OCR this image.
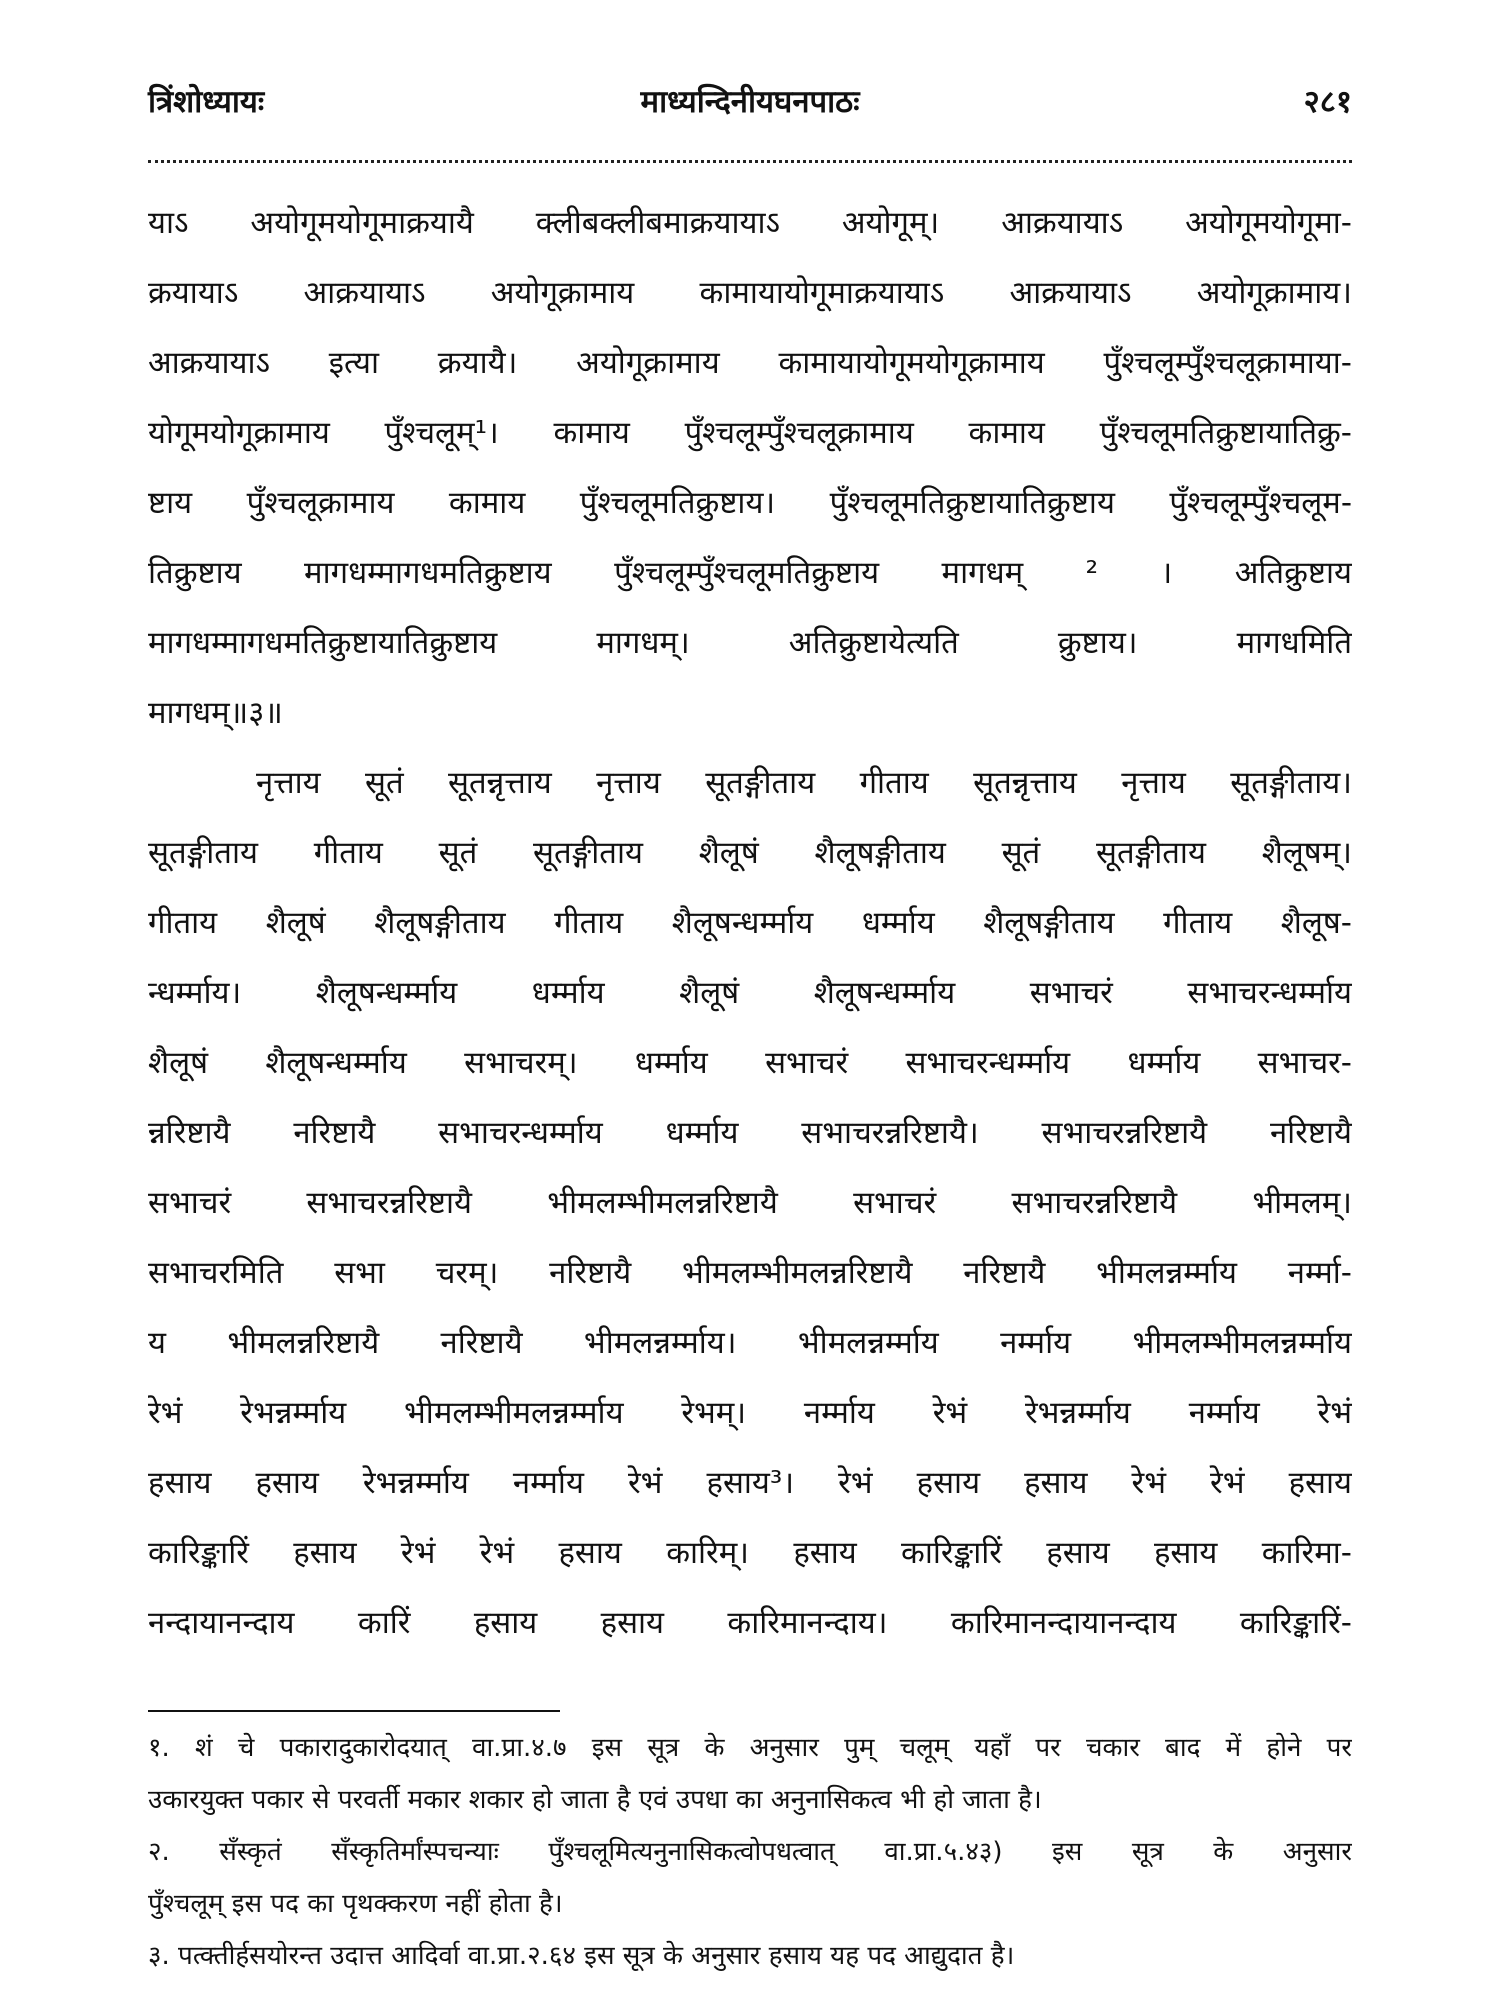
त्रिंशोध्यायः	माध्यन्दिनीयघनपाठः	२८१
याऽ अयोगूमयोगूमाक्रयायै क्लीबक्लीबमाक्रयायाऽ अयोगूम्। आक्रयायाऽ अयोगूमयोगूमा-
क्रयायाऽ आक्रयायाऽ अयोगूक्रामाय कामायायोगूमाक्रयायाऽ आक्रयायाऽ अयोगूक्रामाय।
आक्रयायाऽ इत्या क्रयायै। अयोगूक्रामाय कामायायोगूमयोगूक्रामाय पुँश्चलूम्पुँश्चलूक्रामाया-
योगूमयोगूक्रामाय पुँश्चलूम्¹। कामाय पुँश्चलूम्पुँश्चलूक्रामाय कामाय पुँश्चलूमतिक्रुष्टायातिक्रु-
ष्टाय पुँश्चलूक्रामाय कामाय पुँश्चलूमतिक्रुष्टाय। पुँश्चलूमतिक्रुष्टायातिक्रुष्टाय पुँश्चलूम्पुँश्चलूम-
तिक्रुष्टाय मागधम्मागधमतिक्रुष्टाय पुँश्चलूम्पुँश्चलूमतिक्रुष्टाय मागधम् ² । अतिक्रुष्टाय
मागधम्मागधमतिक्रुष्टायातिक्रुष्टाय मागधम्। अतिक्रुष्टायेत्यति क्रुष्टाय। मागधमिति
मागधम्॥३॥
नृत्ताय सूतं सूतन्नृत्ताय नृत्ताय सूतङ्गीताय गीताय सूतन्नृत्ताय नृत्ताय सूतङ्गीताय।
सूतङ्गीताय गीताय सूतं सूतङ्गीताय शैलूषं शैलूषङ्गीताय सूतं सूतङ्गीताय शैलूषम्।
गीताय शैलूषं शैलूषङ्गीताय गीताय शैलूषन्धर्म्माय धर्म्माय शैलूषङ्गीताय गीताय शैलूष-
न्धर्म्माय। शैलूषन्धर्म्माय धर्म्माय शैलूषं शैलूषन्धर्म्माय सभाचरं सभाचरन्धर्म्माय
शैलूषं शैलूषन्धर्म्माय सभाचरम्। धर्म्माय सभाचरं सभाचरन्धर्म्माय धर्म्माय सभाचर-
न्नरिष्टायै नरिष्टायै सभाचरन्धर्म्माय धर्म्माय सभाचरन्नरिष्टायै। सभाचरन्नरिष्टायै नरिष्टायै
सभाचरं सभाचरन्नरिष्टायै भीमलम्भीमलन्नरिष्टायै सभाचरं सभाचरन्नरिष्टायै भीमलम्।
सभाचरमिति सभा चरम्। नरिष्टायै भीमलम्भीमलन्नरिष्टायै नरिष्टायै भीमलन्नर्म्माय नर्म्मा-
य भीमलन्नरिष्टायै नरिष्टायै भीमलन्नर्म्माय। भीमलन्नर्म्माय नर्म्माय भीमलम्भीमलन्नर्म्माय
रेभं रेभन्नर्म्माय भीमलम्भीमलन्नर्म्माय रेभम्। नर्म्माय रेभं रेभन्नर्म्माय नर्म्माय रेभं
हसाय हसाय रेभन्नर्म्माय नर्म्माय रेभं हसाय³। रेभं हसाय हसाय रेभं रेभं हसाय
कारिङ्कारिं हसाय रेभं रेभं हसाय कारिम्। हसाय कारिङ्कारिं हसाय हसाय कारिमा-
नन्दायानन्दाय कारिं हसाय हसाय कारिमानन्दाय। कारिमानन्दायानन्दाय कारिङ्कारिं-
१. शं चे पकारादुकारोदयात् वा.प्रा.४.७ इस सूत्र के अनुसार पुम् चलूम् यहाँ पर चकार बाद में होने पर
उकारयुक्त पकार से परवर्ती मकार शकार हो जाता है एवं उपधा का अनुनासिकत्व भी हो जाता है।
२. सँस्कृतं सँस्कृतिर्मांस्पचन्याः पुँश्चलूमित्यनुनासिकत्वोपधत्वात् वा.प्रा.५.४३) इस सूत्र के अनुसार
पुँश्चलूम् इस पद का पृथक्करण नहीं होता है।
३. पत्क्तीर्हसयोरन्त उदात्त आदिर्वा वा.प्रा.२.६४ इस सूत्र के अनुसार हसाय यह पद आद्युदात है।
